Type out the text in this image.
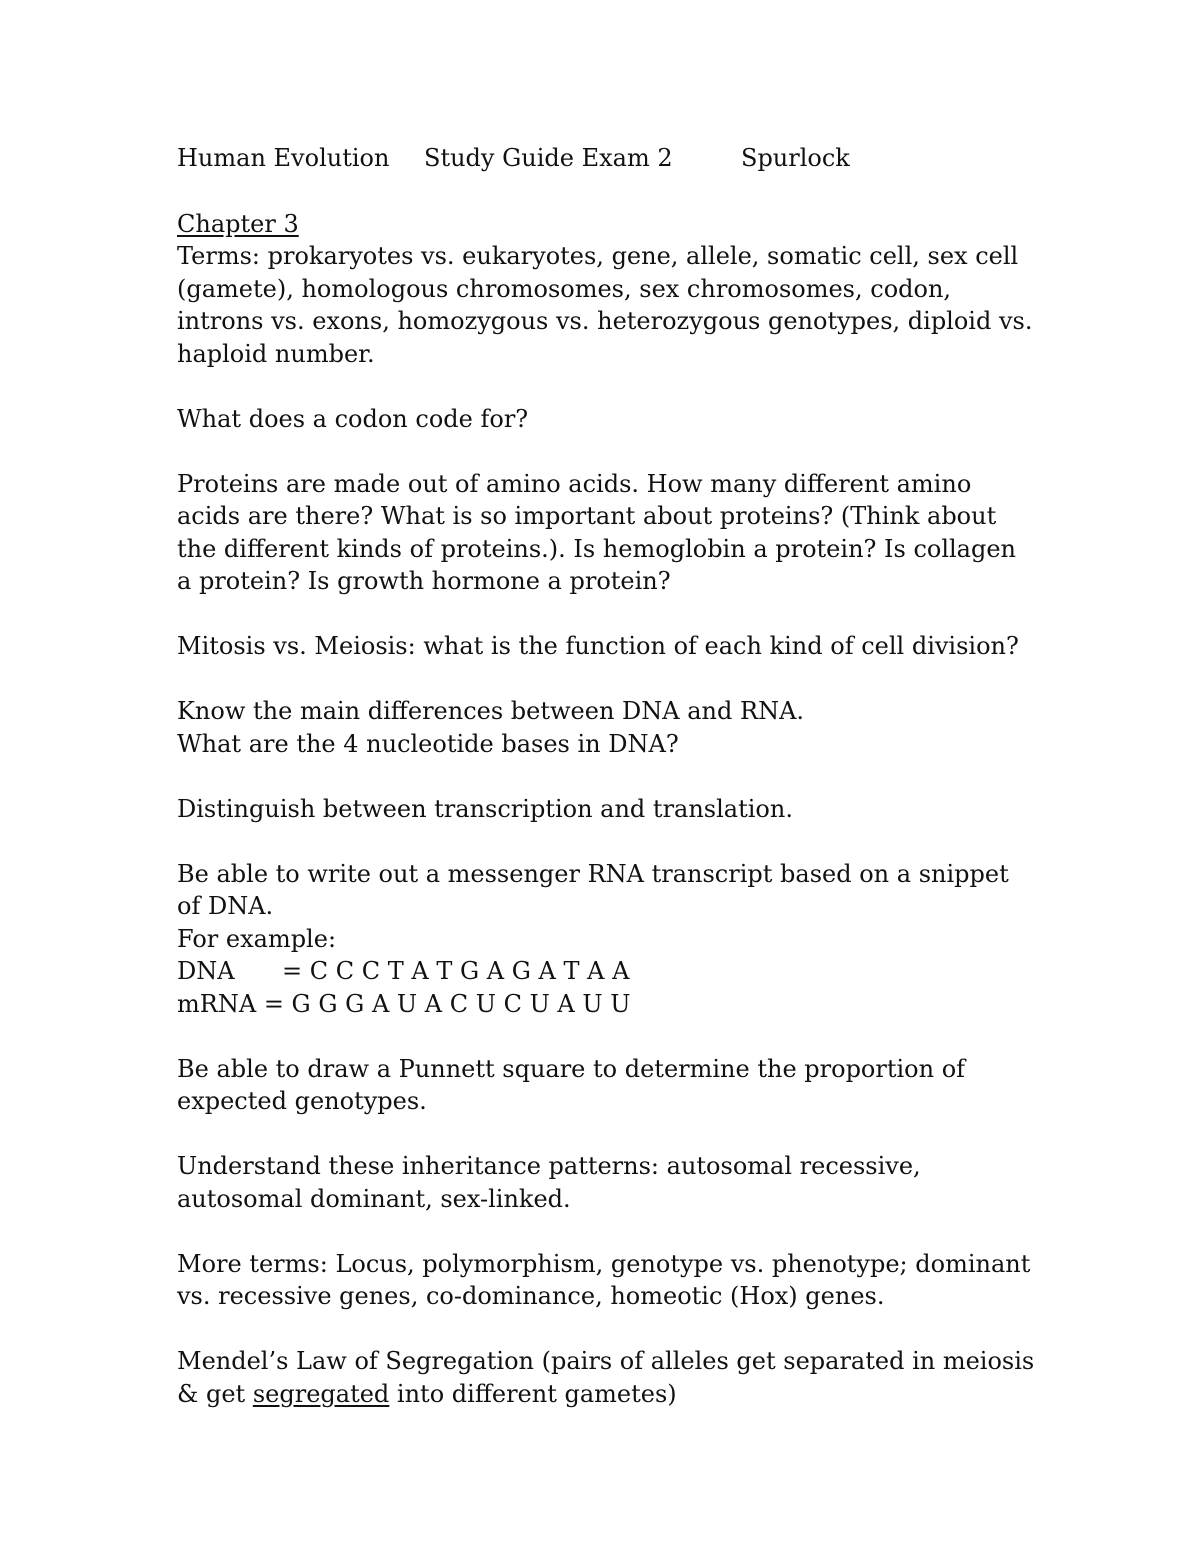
Human Evolution Study Guide Exam 2	Spurlock

Chapter 3

Terms: prokaryotes vs. eukaryotes, gene, allele, somatic cell, sex cell (gamete), homologous chromosomes, sex chromosomes, codon, introns vs. exons, homozygous vs. heterozygous genotypes, diploid vs. haploid number.

What does a codon code for?

Proteins are made out of amino acids. How many different amino acids are there? What is so important about proteins? (Think about the different kinds of proteins.). Is hemoglobin a protein? Is collagen a protein? Is growth hormone a protein?

Mitosis vs. Meiosis: what is the function of each kind of cell division?

Know the main differences between DNA and RNA.

What are the 4 nucleotide bases in DNA?

Distinguish between transcription and translation.

Be able to write out a messenger RNA transcript based on a snippet of DNA.

For example:

DNA = C C C T A T G A G A T A A
mRNA = G G G A U A C U C U A U U

Be able to draw a Punnett square to determine the proportion of expected genotypes.

Understand these inheritance patterns: autosomal recessive, autosomal dominant, sex-linked.

More terms: Locus, polymorphism, genotype vs. phenotype; dominant vs. recessive genes, co-dominance, homeotic (Hox) genes.

Mendel’s Law of Segregation (pairs of alleles get separated in meiosis & get segregated into different gametes)
